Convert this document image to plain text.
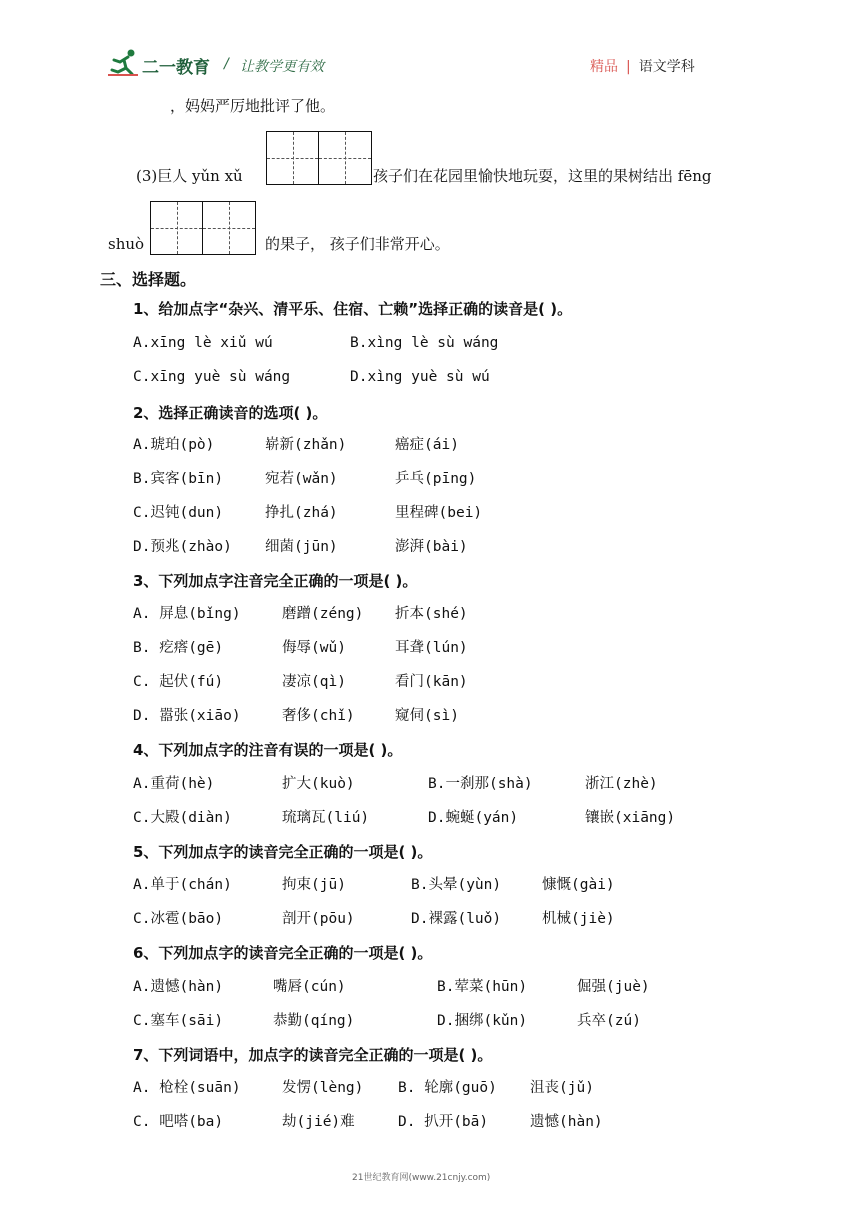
二一教育 / 让教学更有效	精品 | 语文学科
，妈妈严厉地批评了他。
(3)巨人 yǔn xǔ	孩子们在花园里愉快地玩耍，这里的果树结出 fēng
shuò	的果子， 孩子们非常开心。
三、选择题。
1、给加点字“杂兴、清平乐、住宿、亡赖”选择正确的读音是( )。
A.xīng lè xiǔ wú	B.xìng lè sù wáng
C.xīng yuè sù wáng	D.xìng yuè sù wú
2、选择正确读音的选项( )。
A.琥珀(pò)	崭新(zhǎn)	癌症(ái)
B.宾客(bīn)	宛若(wǎn)	乒乓(pīng)
C.迟钝(dun)	挣扎(zhá)	里程碑(bei)
D.预兆(zhào) 细菌(jūn)	澎湃(bài)
3、下列加点字注音完全正确的一项是( )。
A. 屏息(bǐng)	磨蹭(zéng) 折本(shé)
B. 疙瘩(gē)	侮辱(wǔ)	耳聋(lún)
C. 起伏(fú)	凄凉(qì)	看门(kān)
D. 嚣张(xiāo)	奢侈(chǐ)	窥伺(sì)
4、下列加点字的注音有误的一项是( )。
A.重荷(hè)	扩大(kuò)	B.一刹那(shà)	浙江(zhè)
C.大殿(diàn)	琉璃瓦(liú)	D.蜿蜒(yán)	镶嵌(xiāng)
5、下列加点字的读音完全正确的一项是( )。
A.单于(chán)	拘束(jū)	B.头晕(yùn)	慷慨(gài)
C.冰雹(bāo)	剖开(pōu)	D.裸露(luǒ)	机械(jiè)
6、下列加点字的读音完全正确的一项是( )。
A.遗憾(hàn)	嘴唇(cún)	B.荤菜(hūn)	倔强(juè)
C.塞车(sāi)	恭勤(qíng)	D.捆绑(kǔn)	兵卒(zú)
7、下列词语中，加点字的读音完全正确的一项是( )。
A. 枪栓(suān)	发愣(lèng) B. 轮廓(guō) 沮丧(jǔ)
C. 吧嗒(ba)	劫(jié)难	D. 扒开(bā)	遗憾(hàn)
21世纪教育网(www.21cnjy.com)
